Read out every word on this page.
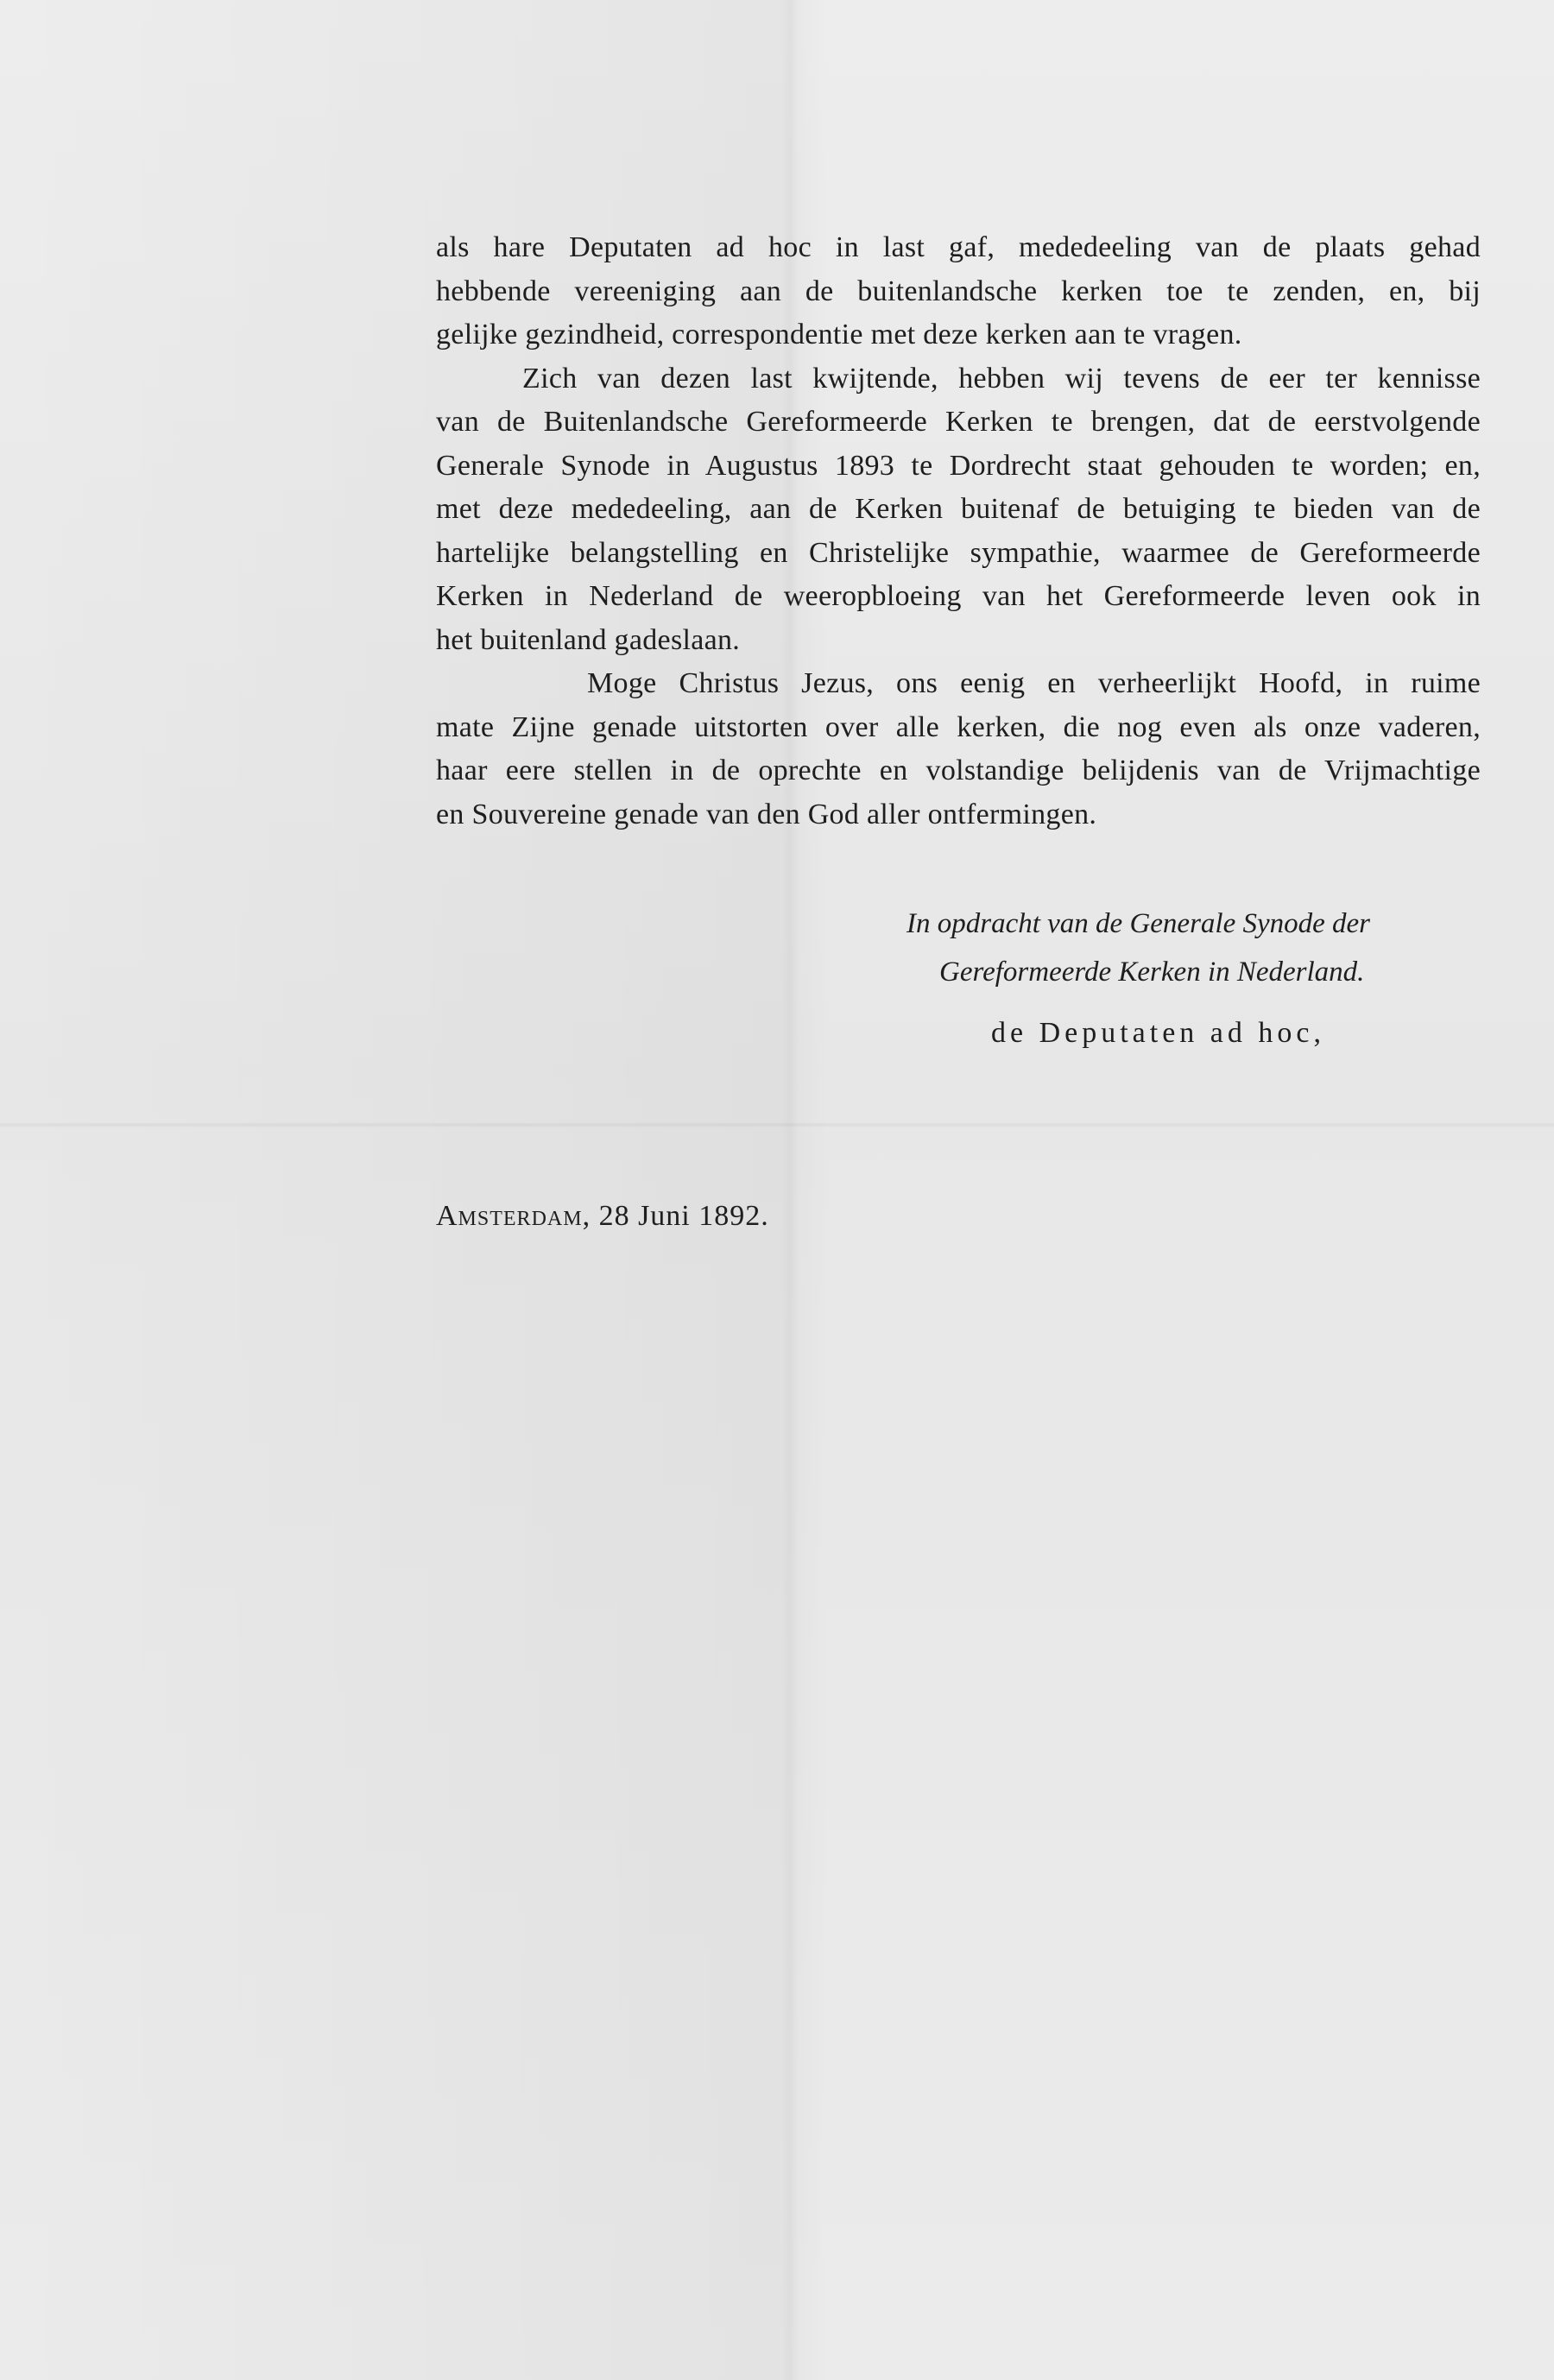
als hare Deputaten ad hoc in last gaf, mededeeling van de plaats gehad
hebbende vereeniging aan de buitenlandsche kerken toe te zenden, en, bij
gelijke gezindheid, correspondentie met deze kerken aan te vragen.
Zich van dezen last kwijtende, hebben wij tevens de eer ter kennisse
van de Buitenlandsche Gereformeerde Kerken te brengen, dat de eerstvolgende
Generale Synode in Augustus 1893 te Dordrecht staat gehouden te worden; en,
met deze mededeeling, aan de Kerken buitenaf de betuiging te bieden van de
hartelijke belangstelling en Christelijke sympathie, waarmee de Gereformeerde
Kerken in Nederland de weeropbloeing van het Gereformeerde leven ook in
het buitenland gadeslaan.
Moge Christus Jezus, ons eenig en verheerlijkt Hoofd, in ruime
mate Zijne genade uitstorten over alle kerken, die nog even als onze vaderen,
haar eere stellen in de oprechte en volstandige belijdenis van de Vrijmachtige
en Souvereine genade van den God aller ontfermingen.
In opdracht van de Generale Synode der
Gereformeerde Kerken in Nederland.
de Deputaten ad hoc,
Amsterdam, 28 Juni 1892.
